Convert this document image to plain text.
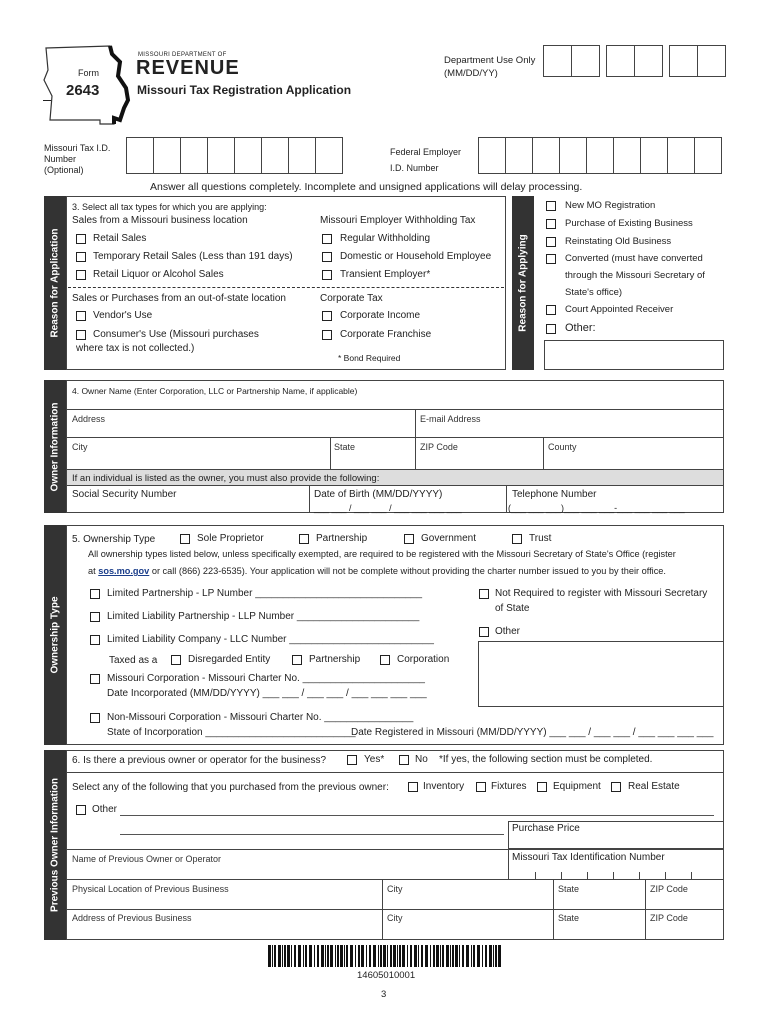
Form
2643
MISSOURI DEPARTMENT OF
REVENUE
Missouri Tax Registration Application
Department Use Only
(MM/DD/YY)
Missouri Tax I.D.
Number
(Optional)
Federal Employer
I.D. Number
Answer all questions completely. Incomplete and unsigned applications will delay processing.
Reason for Application
3. Select all tax types for which you are applying:
Sales from a Missouri business location
Retail Sales
Temporary Retail Sales (Less than 191 days)
Retail Liquor or Alcohol Sales
Sales or Purchases from an out-of-state location
Vendor's Use
Consumer's Use (Missouri purchases
where tax is not collected.)
Missouri Employer Withholding Tax
Regular Withholding
Domestic or Household Employee
Transient Employer*
Corporate Tax
Corporate Income
Corporate Franchise
* Bond Required
Reason for Applying
New MO Registration
Purchase of Existing Business
Reinstating Old Business
Converted (must have converted
through the Missouri Secretary of
State's office)
Court Appointed Receiver
Other:
Owner Information
4. Owner Name (Enter Corporation, LLC or Partnership Name, if applicable)
Address	E-mail Address
City	State	ZIP Code	County
If an individual is listed as the owner, you must also provide the following:
Social Security Number	Date of Birth (MM/DD/YYYY)
___ ___ / ___ ___ / ___ ___ ___ ___
Telephone Number
(___ ___ ___)___ ___ ___-___ ___ ___ ___
Ownership Type
5. Ownership Type	Sole Proprietor	Partnership	Government	Trust
All ownership types listed below, unless specifically exempted, are required to be registered with the Missouri Secretary of State's Office (register
at sos.mo.gov or call (866) 223-6535). Your application will not be complete without providing the charter number issued to you by their office.
Limited Partnership - LP Number ______________________________
Limited Liability Partnership - LLP Number ______________________
Limited Liability Company - LLC Number __________________________
Taxed as a	Disregarded Entity	Partnership	Corporation
Missouri Corporation - Missouri Charter No. ______________________
Date Incorporated (MM/DD/YYYY) ___ ___ / ___ ___ / ___ ___ ___ ___
Non-Missouri Corporation - Missouri Charter No. ________________
State of Incorporation ___________________________
Date Registered in Missouri (MM/DD/YYYY) ___ ___ / ___ ___ / ___ ___ ___ ___
Not Required to register with Missouri Secretary
of State
Other
Previous Owner Information
6. Is there a previous owner or operator for the business?	Yes*	No *If yes, the following section must be completed.
Select any of the following that you purchased from the previous owner:	Inventory	Fixtures	Equipment	Real Estate
Other
Purchase Price
Name of Previous Owner or Operator	Missouri Tax Identification Number
Physical Location of Previous Business	City	State	ZIP Code
Address of Previous Business	City	State	ZIP Code
14605010001
3
